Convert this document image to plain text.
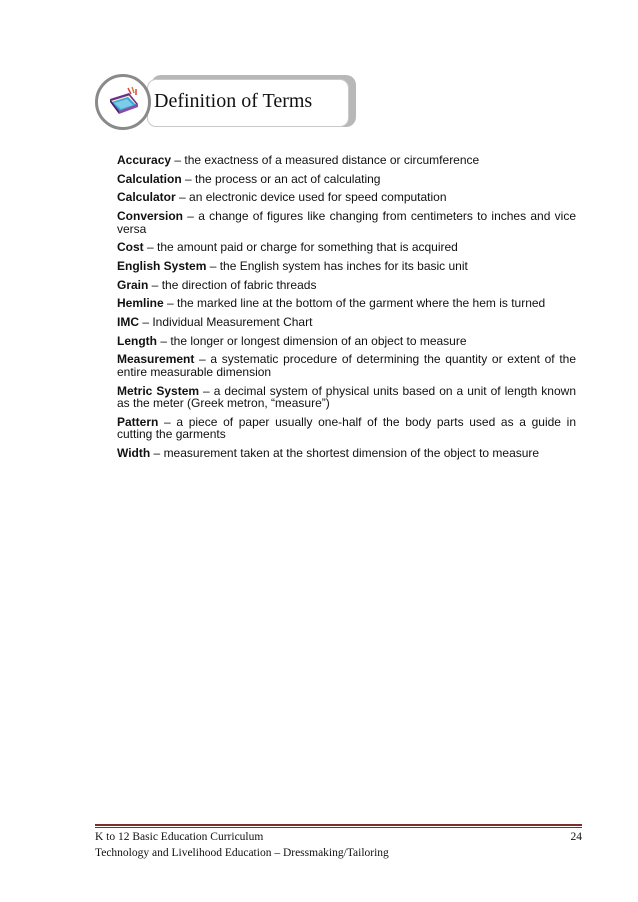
Definition of Terms

Accuracy – the exactness of a measured distance or circumference

Calculation – the process or an act of calculating

Calculator – an electronic device used for speed computation

Conversion – a change of figures like changing from centimeters to inches and vice versa

Cost – the amount paid or charge for something that is acquired

English System – the English system has inches for its basic unit

Grain – the direction of fabric threads

Hemline – the marked line at the bottom of the garment where the hem is turned

IMC – Individual Measurement Chart

Length – the longer or longest dimension of an object to measure

Measurement – a systematic procedure of determining the quantity or extent of the entire measurable dimension

Metric System – a decimal system of physical units based on a unit of length known as the meter (Greek metron, “measure”)

Pattern – a piece of paper usually one-half of the body parts used as a guide in cutting the garments

Width – measurement taken at the shortest dimension of the object to measure

K to 12 Basic Education Curriculum	24
Technology and Livelihood Education – Dressmaking/Tailoring
